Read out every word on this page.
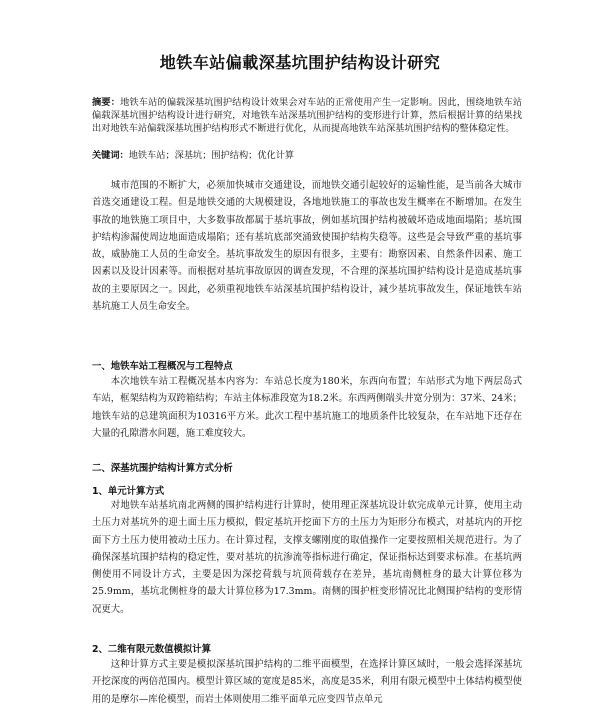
地铁车站偏載深基坑围护结构设计研究
摘要：地铁车站的偏载深基坑围护结构设计效果会对车站的正常使用产生一定影响。因此，围绕地铁车站偏载深基坑围护结构设计进行研究，对地铁车站深基坑围护结构的变形进行计算，然后根据计算的结果找出对地铁车站偏载深基坑围护结构形式不断进行优化，从而提高地铁车站深基坑围护结构的整体稳定性。
关键词：地铁车站；深基坑；围护结构；优化计算

城市范围的不断扩大，必须加快城市交通建设，而地铁交通引起较好的运输性能，是当前各大城市首选交通建设工程。但是地铁交通的大规模建设，各地地铁施工的事故也发生概率在不断增加。在发生事故的地铁施工项目中，大多数事故都属于基坑事故，例如基坑围护结构被破坏造成地面塌陷；基坑围护结构渗漏使周边地面造成塌陷；还有基坑底部突涌致使围护结构失稳等。这些是会导致严重的基坑事故，威胁施工人员的生命安全。基坑事故发生的原因有很多，主要有：勘察因素、自然条件因素、施工因素以及设计因素等。而根据对基坑事故原因的调查发现，不合理的深基坑围护结构设计是造成基坑事故的主要原因之一。因此，必须重视地铁车站深基坑围护结构设计，减少基坑事故发生，保证地铁车站基坑施工人员生命安全。

一、地铁车站工程概况与工程特点

本次地铁车站工程概况基本内容为：车站总长度为180米，东西向布置；车站形式为地下两层岛式车站，框架结构为双跨箱结构；车站主体标准段宽为18.2米。东西两侧端头井宽分别为：37米、24米；地铁车站的总建筑面积为10316平方米。此次工程中基坑施工的地质条件比较复杂，在车站地下还存在大量的孔隙潜水问题，施工难度较大。

二、深基坑围护结构计算方式分析
1、单元计算方式

对地铁车站基坑南北两侧的围护结构进行计算时，使用理正深基坑设计软完成单元计算，使用主动土压力对基坑外的迎土面土压力模拟，假定基坑开挖面下方的土压力为矩形分布模式，对基坑内的开挖面下方土压力使用被动土压力。在计算过程，支撑支螺刚度的取值操作一定要按照相关规范进行。为了确保深基坑围护结构的稳定性，要对基坑的抗渗流等指标进行确定，保证指标达到要求标准。在基坑两侧使用不同设计方式，主要是因为深挖荷载与坑顶荷载存在差异，基坑南侧桩身的最大计算位移为25.9mm，基坑北侧桩身的最大计算位移为17.3mm。南侧的围护桩变形情况比北侧围护结构的变形情况更大。

2、二维有限元数值模拟计算

这种计算方式主要是模拟深基坑围护结构的二维平面模型，在选择计算区域时，一般会选择深基坑开挖深度的两倍范围内。模型计算区域的宽度是85米，高度是35米，利用有限元模型中土体结构模型使用的是摩尔—库伦模型，而岩土体则使用二维平面单元应变四节点单元
